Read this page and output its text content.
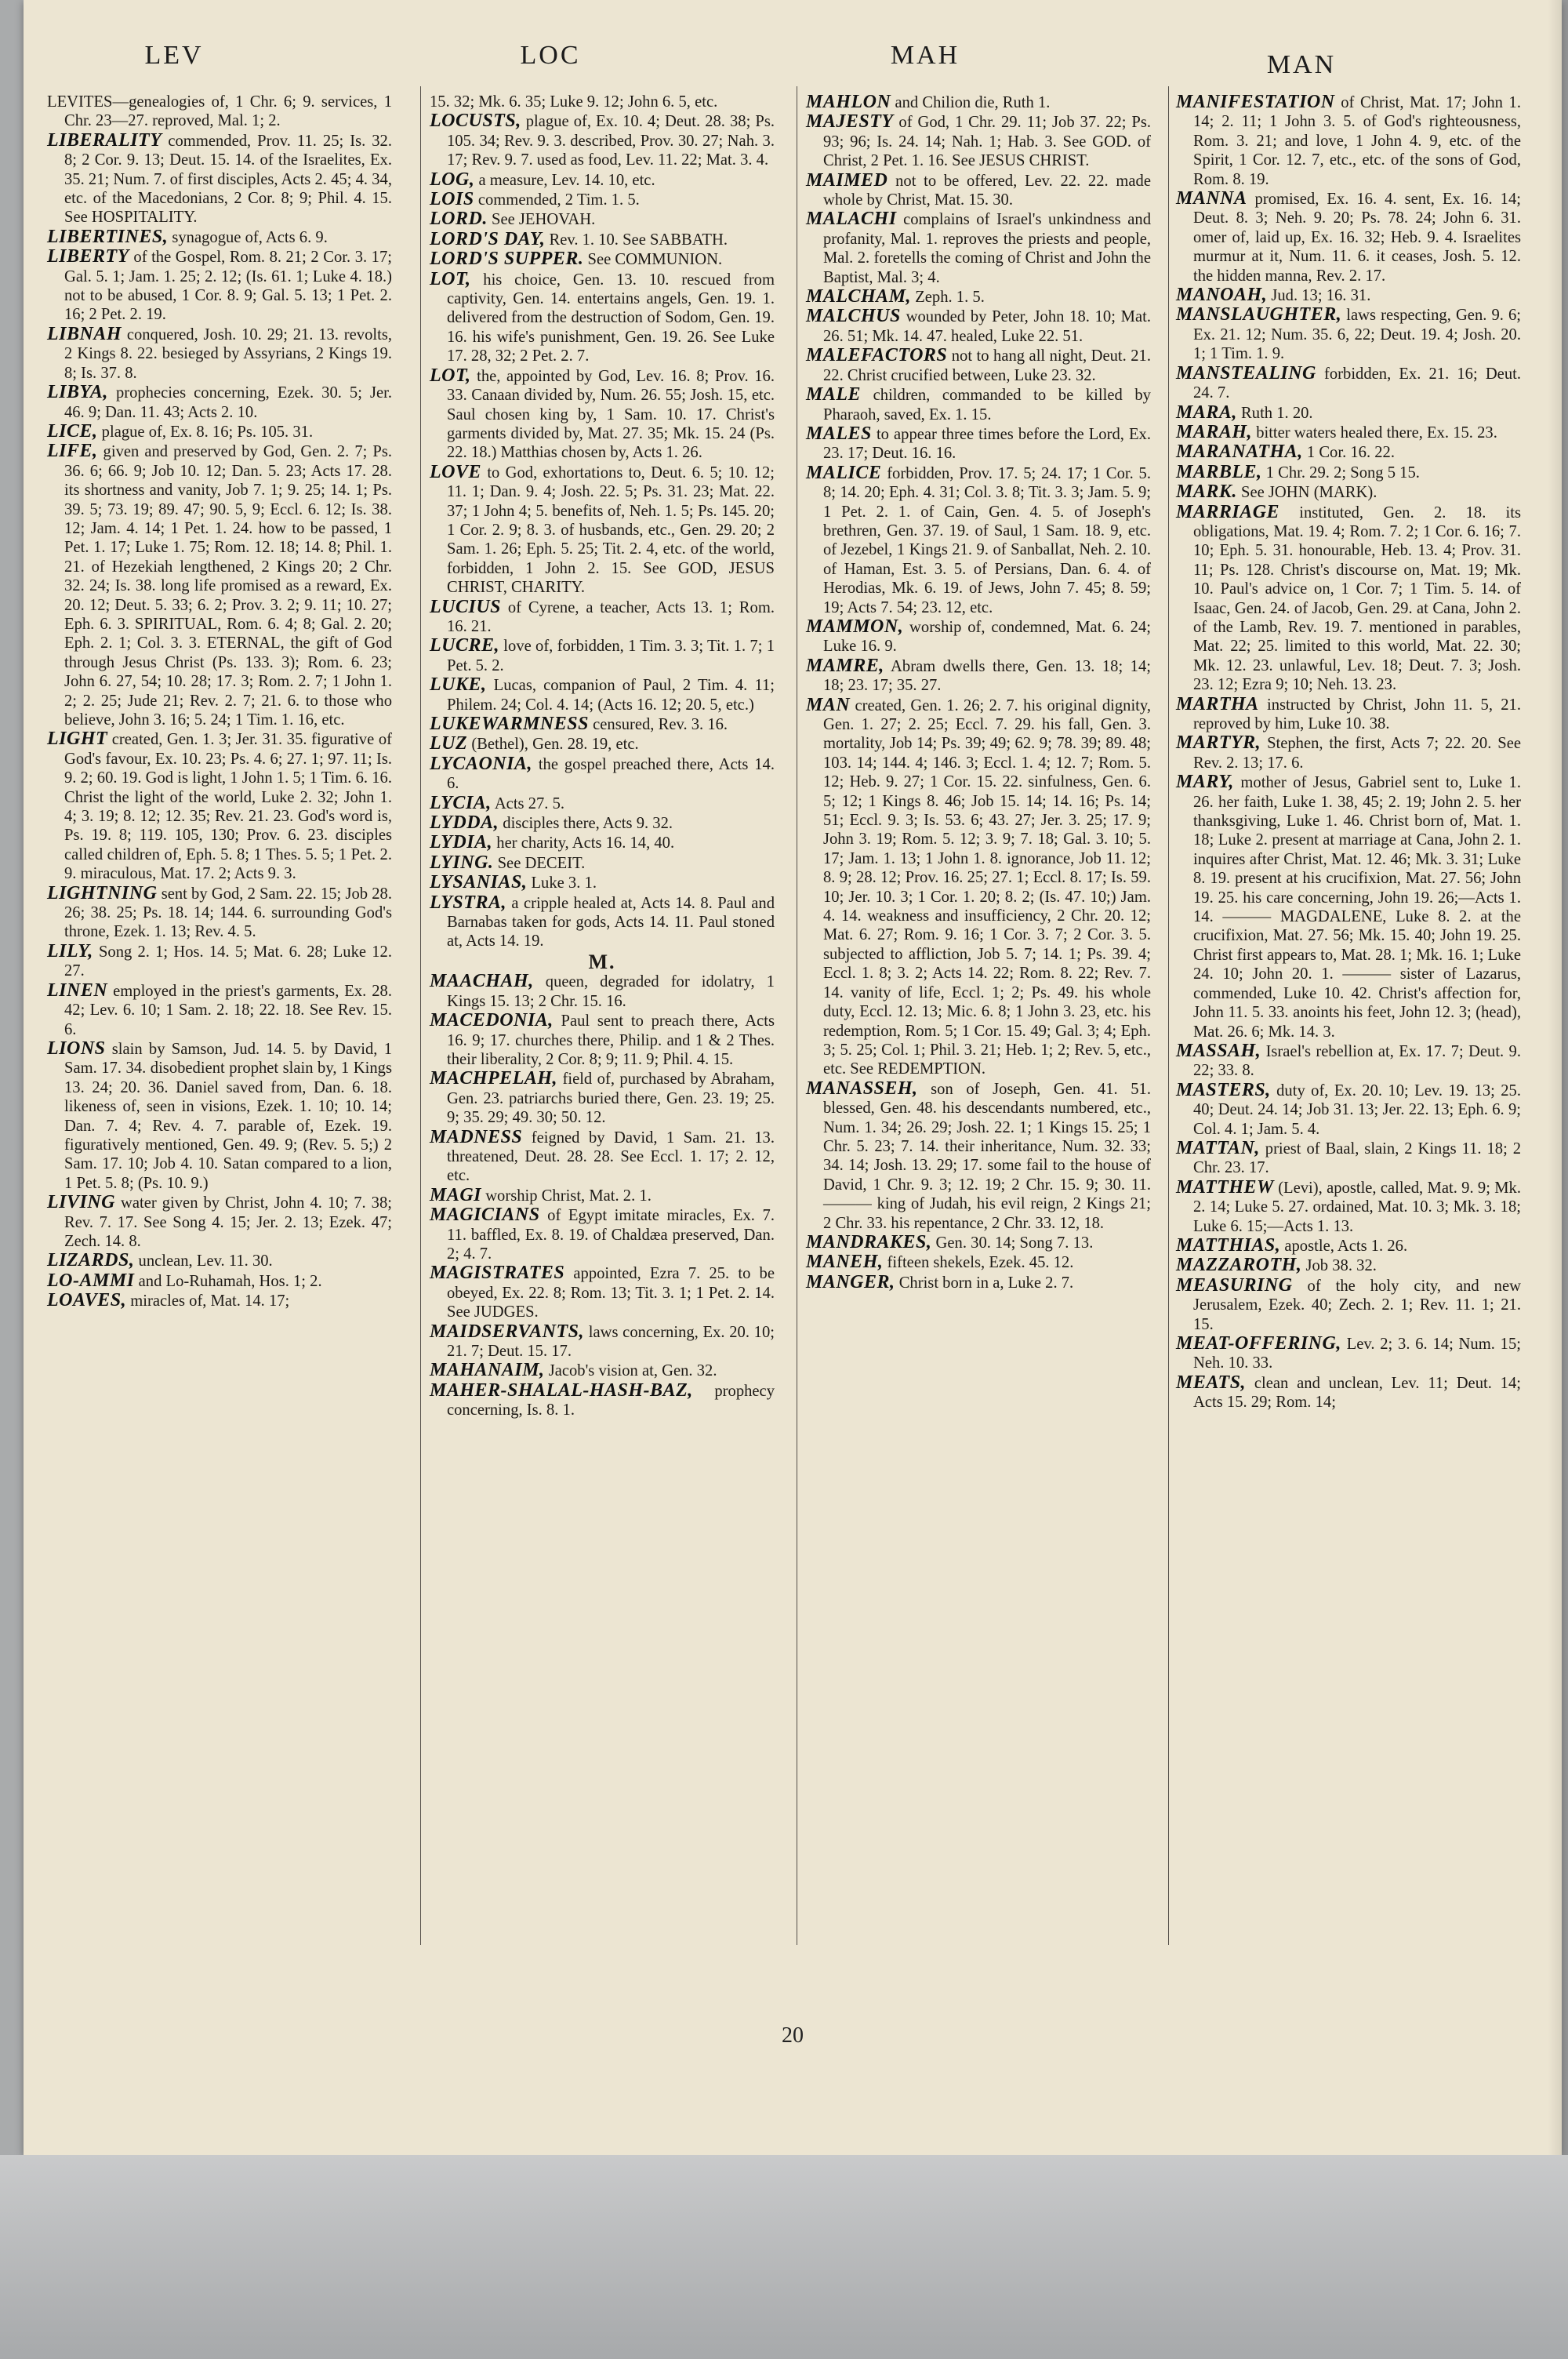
LEV	LOC	MAH	MAN
LEVITES—genealogies of, 1 Chr. 6; 9. services, 1 Chr. 23—27. reproved, Mal. 1; 2.
LIBERALITY commended, Prov. 11. 25; Is. 32. 8; 2 Cor. 9. 13; Deut. 15. 14. of the Israelites, Ex. 35. 21; Num. 7. of first disciples, Acts 2. 45; 4. 34, etc. of the Macedonians, 2 Cor. 8; 9; Phil. 4. 15. See HOSPITALITY.
LIBERTINES, synagogue of, Acts 6. 9.
LIBERTY of the Gospel, Rom. 8. 21; 2 Cor. 3. 17; Gal. 5. 1; Jam. 1. 25; 2. 12; (Is. 61. 1; Luke 4. 18.) not to be abused, 1 Cor. 8. 9; Gal. 5. 13; 1 Pet. 2. 16; 2 Pet. 2. 19.
LIBNAH conquered, Josh. 10. 29; 21. 13. revolts, 2 Kings 8. 22. besieged by Assyrians, 2 Kings 19. 8; Is. 37. 8.
LIBYA, prophecies concerning, Ezek. 30. 5; Jer. 46. 9; Dan. 11. 43; Acts 2. 10.
LICE, plague of, Ex. 8. 16; Ps. 105. 31.
LIFE, given and preserved by God, Gen. 2. 7; Ps. 36. 6; 66. 9; Job 10. 12; Dan. 5. 23; Acts 17. 28. its shortness and vanity, Job 7. 1; 9. 25; 14. 1; Ps. 39. 5; 73. 19; 89. 47; 90. 5, 9; Eccl. 6. 12; Is. 38. 12; Jam. 4. 14; 1 Pet. 1. 24. how to be passed, 1 Pet. 1. 17; Luke 1. 75; Rom. 12. 18; 14. 8; Phil. 1. 21. of Hezekiah lengthened, 2 Kings 20; 2 Chr. 32. 24; Is. 38. long life promised as a reward, Ex. 20. 12; Deut. 5. 33; 6. 2; Prov. 3. 2; 9. 11; 10. 27; Eph. 6. 3. SPIRITUAL, Rom. 6. 4; 8; Gal. 2. 20; Eph. 2. 1; Col. 3. 3. ETERNAL, the gift of God through Jesus Christ (Ps. 133. 3); Rom. 6. 23; John 6. 27, 54; 10. 28; 17. 3; Rom. 2. 7; 1 John 1. 2; 2. 25; Jude 21; Rev. 2. 7; 21. 6. to those who believe, John 3. 16; 5. 24; 1 Tim. 1. 16, etc.
LIGHT created, Gen. 1. 3; Jer. 31. 35. figurative of God's favour, Ex. 10. 23; Ps. 4. 6; 27. 1; 97. 11; Is. 9. 2; 60. 19. God is light, 1 John 1. 5; 1 Tim. 6. 16. Christ the light of the world, Luke 2. 32; John 1. 4; 3. 19; 8. 12; 12. 35; Rev. 21. 23. God's word is, Ps. 19. 8; 119. 105, 130; Prov. 6. 23. disciples called children of, Eph. 5. 8; 1 Thes. 5. 5; 1 Pet. 2. 9. miraculous, Mat. 17. 2; Acts 9. 3.
LIGHTNING sent by God, 2 Sam. 22. 15; Job 28. 26; 38. 25; Ps. 18. 14; 144. 6. surrounding God's throne, Ezek. 1. 13; Rev. 4. 5.
LILY, Song 2. 1; Hos. 14. 5; Mat. 6. 28; Luke 12. 27.
LINEN employed in the priest's garments, Ex. 28. 42; Lev. 6. 10; 1 Sam. 2. 18; 22. 18. See Rev. 15. 6.
LIONS slain by Samson, Jud. 14. 5. by David, 1 Sam. 17. 34. disobedient prophet slain by, 1 Kings 13. 24; 20. 36. Daniel saved from, Dan. 6. 18. likeness of, seen in visions, Ezek. 1. 10; 10. 14; Dan. 7. 4; Rev. 4. 7. parable of, Ezek. 19. figuratively mentioned, Gen. 49. 9; (Rev. 5. 5;) 2 Sam. 17. 10; Job 4. 10. Satan compared to a lion, 1 Pet. 5. 8; (Ps. 10. 9.)
LIVING water given by Christ, John 4. 10; 7. 38; Rev. 7. 17. See Song 4. 15; Jer. 2. 13; Ezek. 47; Zech. 14. 8.
LIZARDS, unclean, Lev. 11. 30.
LO-AMMI and Lo-Ruhamah, Hos. 1; 2.
LOAVES, miracles of, Mat. 14. 17;
15. 32; Mk. 6. 35; Luke 9. 12; John 6. 5, etc.
LOCUSTS, plague of, Ex. 10. 4; Deut. 28. 38; Ps. 105. 34; Rev. 9. 3. described, Prov. 30. 27; Nah. 3. 17; Rev. 9. 7. used as food, Lev. 11. 22; Mat. 3. 4.
LOG, a measure, Lev. 14. 10, etc.
LOIS commended, 2 Tim. 1. 5.
LORD. See JEHOVAH.
LORD'S DAY, Rev. 1. 10. See SABBATH.
LORD'S SUPPER. See COMMUNION.
LOT, his choice, Gen. 13. 10. rescued from captivity, Gen. 14. entertains angels, Gen. 19. 1. delivered from the destruction of Sodom, Gen. 19. 16. his wife's punishment, Gen. 19. 26. See Luke 17. 28, 32; 2 Pet. 2. 7.
LOT, the, appointed by God, Lev. 16. 8; Prov. 16. 33. Canaan divided by, Num. 26. 55; Josh. 15, etc. Saul chosen king by, 1 Sam. 10. 17. Christ's garments divided by, Mat. 27. 35; Mk. 15. 24 (Ps. 22. 18.) Matthias chosen by, Acts 1. 26.
LOVE to God, exhortations to, Deut. 6. 5; 10. 12; 11. 1; Dan. 9. 4; Josh. 22. 5; Ps. 31. 23; Mat. 22. 37; 1 John 4; 5. benefits of, Neh. 1. 5; Ps. 145. 20; 1 Cor. 2. 9; 8. 3. of husbands, etc., Gen. 29. 20; 2 Sam. 1. 26; Eph. 5. 25; Tit. 2. 4, etc. of the world, forbidden, 1 John 2. 15. See GOD, JESUS CHRIST, CHARITY.
LUCIUS of Cyrene, a teacher, Acts 13. 1; Rom. 16. 21.
LUCRE, love of, forbidden, 1 Tim. 3. 3; Tit. 1. 7; 1 Pet. 5. 2.
LUKE, Lucas, companion of Paul, 2 Tim. 4. 11; Philem. 24; Col. 4. 14; (Acts 16. 12; 20. 5, etc.)
LUKEWARMNESS censured, Rev. 3. 16.
LUZ (Bethel), Gen. 28. 19, etc.
LYCAONIA, the gospel preached there, Acts 14. 6.
LYCIA, Acts 27. 5.
LYDDA, disciples there, Acts 9. 32.
LYDIA, her charity, Acts 16. 14, 40.
LYING. See DECEIT.
LYSANIAS, Luke 3. 1.
LYSTRA, a cripple healed at, Acts 14. 8. Paul and Barnabas taken for gods, Acts 14. 11. Paul stoned at, Acts 14. 19.
M.
MAACHAH, queen, degraded for idolatry, 1 Kings 15. 13; 2 Chr. 15. 16.
MACEDONIA, Paul sent to preach there, Acts 16. 9; 17. churches there, Philip. and 1 & 2 Thes. their liberality, 2 Cor. 8; 9; 11. 9; Phil. 4. 15.
MACHPELAH, field of, purchased by Abraham, Gen. 23. patriarchs buried there, Gen. 23. 19; 25. 9; 35. 29; 49. 30; 50. 12.
MADNESS feigned by David, 1 Sam. 21. 13. threatened, Deut. 28. 28. See Eccl. 1. 17; 2. 12, etc.
MAGI worship Christ, Mat. 2. 1.
MAGICIANS of Egypt imitate miracles, Ex. 7. 11. baffled, Ex. 8. 19. of Chaldæa preserved, Dan. 2; 4. 7.
MAGISTRATES appointed, Ezra 7. 25. to be obeyed, Ex. 22. 8; Rom. 13; Tit. 3. 1; 1 Pet. 2. 14. See JUDGES.
MAIDSERVANTS, laws concerning, Ex. 20. 10; 21. 7; Deut. 15. 17.
MAHANAIM, Jacob's vision at, Gen. 32.
MAHER-SHALAL-HASH-BAZ, prophecy concerning, Is. 8. 1.
MAHLON and Chilion die, Ruth 1.
MAJESTY of God, 1 Chr. 29. 11; Job 37. 22; Ps. 93; 96; Is. 24. 14; Nah. 1; Hab. 3. See GOD. of Christ, 2 Pet. 1. 16. See JESUS CHRIST.
MAIMED not to be offered, Lev. 22. 22. made whole by Christ, Mat. 15. 30.
MALACHI complains of Israel's unkindness and profanity, Mal. 1. reproves the priests and people, Mal. 2. foretells the coming of Christ and John the Baptist, Mal. 3; 4.
MALCHAM, Zeph. 1. 5.
MALCHUS wounded by Peter, John 18. 10; Mat. 26. 51; Mk. 14. 47. healed, Luke 22. 51.
MALEFACTORS not to hang all night, Deut. 21. 22. Christ crucified between, Luke 23. 32.
MALE children, commanded to be killed by Pharaoh, saved, Ex. 1. 15.
MALES to appear three times before the Lord, Ex. 23. 17; Deut. 16. 16.
MALICE forbidden, Prov. 17. 5; 24. 17; 1 Cor. 5. 8; 14. 20; Eph. 4. 31; Col. 3. 8; Tit. 3. 3; Jam. 5. 9; 1 Pet. 2. 1. of Cain, Gen. 4. 5. of Joseph's brethren, Gen. 37. 19. of Saul, 1 Sam. 18. 9, etc. of Jezebel, 1 Kings 21. 9. of Sanballat, Neh. 2. 10. of Haman, Est. 3. 5. of Persians, Dan. 6. 4. of Herodias, Mk. 6. 19. of Jews, John 7. 45; 8. 59; 19; Acts 7. 54; 23. 12, etc.
MAMMON, worship of, condemned, Mat. 6. 24; Luke 16. 9.
MAMRE, Abram dwells there, Gen. 13. 18; 14; 18; 23. 17; 35. 27.
MAN created, Gen. 1. 26; 2. 7. his original dignity, Gen. 1. 27; 2. 25; Eccl. 7. 29. his fall, Gen. 3. mortality, Job 14; Ps. 39; 49; 62. 9; 78. 39; 89. 48; 103. 14; 144. 4; 146. 3; Eccl. 1. 4; 12. 7; Rom. 5. 12; Heb. 9. 27; 1 Cor. 15. 22. sinfulness, Gen. 6. 5; 12; 1 Kings 8. 46; Job 15. 14; 14. 16; Ps. 14; 51; Eccl. 9. 3; Is. 53. 6; 43. 27; Jer. 3. 25; 17. 9; John 3. 19; Rom. 5. 12; 3. 9; 7. 18; Gal. 3. 10; 5. 17; Jam. 1. 13; 1 John 1. 8. ignorance, Job 11. 12; 8. 9; 28. 12; Prov. 16. 25; 27. 1; Eccl. 8. 17; Is. 59. 10; Jer. 10. 3; 1 Cor. 1. 20; 8. 2; (Is. 47. 10;) Jam. 4. 14. weakness and insufficiency, 2 Chr. 20. 12; Mat. 6. 27; Rom. 9. 16; 1 Cor. 3. 7; 2 Cor. 3. 5. subjected to affliction, Job 5. 7; 14. 1; Ps. 39. 4; Eccl. 1. 8; 3. 2; Acts 14. 22; Rom. 8. 22; Rev. 7. 14. vanity of life, Eccl. 1; 2; Ps. 49. his whole duty, Eccl. 12. 13; Mic. 6. 8; 1 John 3. 23, etc. his redemption, Rom. 5; 1 Cor. 15. 49; Gal. 3; 4; Eph. 3; 5. 25; Col. 1; Phil. 3. 21; Heb. 1; 2; Rev. 5, etc., etc. See REDEMPTION.
MANASSEH, son of Joseph, Gen. 41. 51. blessed, Gen. 48. his descendants numbered, etc., Num. 1. 34; 26. 29; Josh. 22. 1; 1 Kings 15. 25; 1 Chr. 5. 23; 7. 14. their inheritance, Num. 32. 33; 34. 14; Josh. 13. 29; 17. some fail to the house of David, 1 Chr. 9. 3; 12. 19; 2 Chr. 15. 9; 30. 11. ——— king of Judah, his evil reign, 2 Kings 21; 2 Chr. 33. his repentance, 2 Chr. 33. 12, 18.
MANDRAKES, Gen. 30. 14; Song 7. 13.
MANEH, fifteen shekels, Ezek. 45. 12.
MANGER, Christ born in a, Luke 2. 7.
MANIFESTATION of Christ, Mat. 17; John 1. 14; 2. 11; 1 John 3. 5. of God's righteousness, Rom. 3. 21; and love, 1 John 4. 9, etc. of the Spirit, 1 Cor. 12. 7, etc., etc. of the sons of God, Rom. 8. 19.
MANNA promised, Ex. 16. 4. sent, Ex. 16. 14; Deut. 8. 3; Neh. 9. 20; Ps. 78. 24; John 6. 31. omer of, laid up, Ex. 16. 32; Heb. 9. 4. Israelites murmur at it, Num. 11. 6. it ceases, Josh. 5. 12. the hidden manna, Rev. 2. 17.
MANOAH, Jud. 13; 16. 31.
MANSLAUGHTER, laws respecting, Gen. 9. 6; Ex. 21. 12; Num. 35. 6, 22; Deut. 19. 4; Josh. 20. 1; 1 Tim. 1. 9.
MANSTEALING forbidden, Ex. 21. 16; Deut. 24. 7.
MARA, Ruth 1. 20.
MARAH, bitter waters healed there, Ex. 15. 23.
MARANATHA, 1 Cor. 16. 22.
MARBLE, 1 Chr. 29. 2; Song 5 15.
MARK. See JOHN (MARK).
MARRIAGE instituted, Gen. 2. 18. its obligations, Mat. 19. 4; Rom. 7. 2; 1 Cor. 6. 16; 7. 10; Eph. 5. 31. honourable, Heb. 13. 4; Prov. 31. 11; Ps. 128. Christ's discourse on, Mat. 19; Mk. 10. Paul's advice on, 1 Cor. 7; 1 Tim. 5. 14. of Isaac, Gen. 24. of Jacob, Gen. 29. at Cana, John 2. of the Lamb, Rev. 19. 7. mentioned in parables, Mat. 22; 25. limited to this world, Mat. 22. 30; Mk. 12. 23. unlawful, Lev. 18; Deut. 7. 3; Josh. 23. 12; Ezra 9; 10; Neh. 13. 23.
MARTHA instructed by Christ, John 11. 5, 21. reproved by him, Luke 10. 38.
MARTYR, Stephen, the first, Acts 7; 22. 20. See Rev. 2. 13; 17. 6.
MARY, mother of Jesus, Gabriel sent to, Luke 1. 26. her faith, Luke 1. 38, 45; 2. 19; John 2. 5. her thanksgiving, Luke 1. 46. Christ born of, Mat. 1. 18; Luke 2. present at marriage at Cana, John 2. 1. inquires after Christ, Mat. 12. 46; Mk. 3. 31; Luke 8. 19. present at his crucifixion, Mat. 27. 56; John 19. 25. his care concerning, John 19. 26;—Acts 1. 14. ——— MAGDALENE, Luke 8. 2. at the crucifixion, Mat. 27. 56; Mk. 15. 40; John 19. 25. Christ first appears to, Mat. 28. 1; Mk. 16. 1; Luke 24. 10; John 20. 1. ——— sister of Lazarus, commended, Luke 10. 42. Christ's affection for, John 11. 5. 33. anoints his feet, John 12. 3; (head), Mat. 26. 6; Mk. 14. 3.
MASSAH, Israel's rebellion at, Ex. 17. 7; Deut. 9. 22; 33. 8.
MASTERS, duty of, Ex. 20. 10; Lev. 19. 13; 25. 40; Deut. 24. 14; Job 31. 13; Jer. 22. 13; Eph. 6. 9; Col. 4. 1; Jam. 5. 4.
MATTAN, priest of Baal, slain, 2 Kings 11. 18; 2 Chr. 23. 17.
MATTHEW (Levi), apostle, called, Mat. 9. 9; Mk. 2. 14; Luke 5. 27. ordained, Mat. 10. 3; Mk. 3. 18; Luke 6. 15;—Acts 1. 13.
MATTHIAS, apostle, Acts 1. 26.
MAZZAROTH, Job 38. 32.
MEASURING of the holy city, and new Jerusalem, Ezek. 40; Zech. 2. 1; Rev. 11. 1; 21. 15.
MEAT-OFFERING, Lev. 2; 3. 6. 14; Num. 15; Neh. 10. 33.
MEATS, clean and unclean, Lev. 11; Deut. 14; Acts 15. 29; Rom. 14;
20
